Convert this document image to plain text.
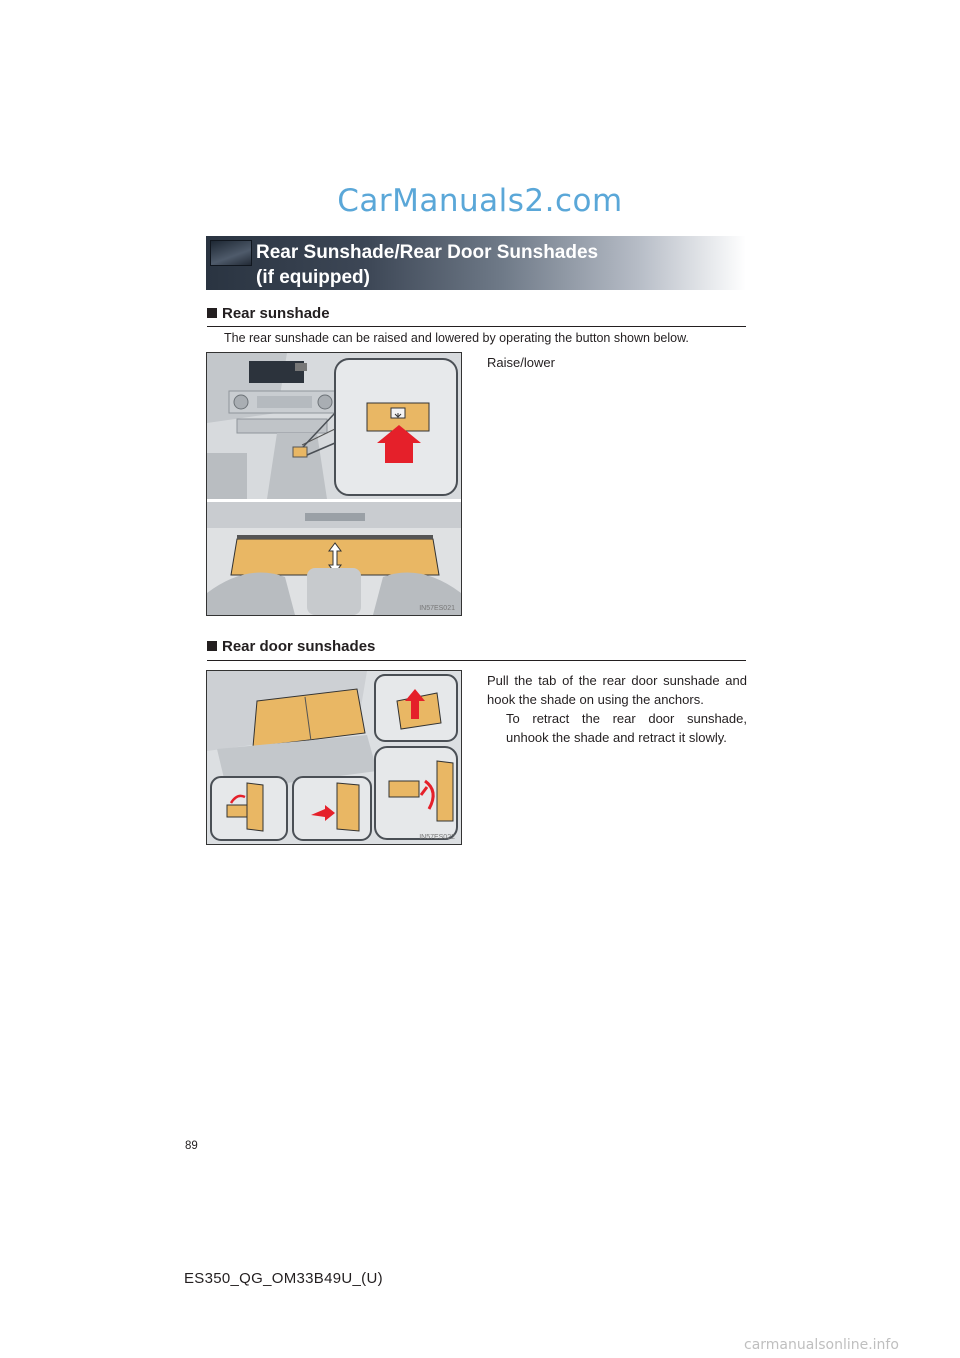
CarManuals2.com
Rear Sunshade/Rear Door Sunshades
(if equipped)
Rear sunshade
The rear sunshade can be raised and lowered by operating the button shown below.
IN57ES021
Raise/lower
Rear door sunshades
IN57ES022
Pull the tab of the rear door sunshade and
hook the shade on using the anchors.
To retract the rear door sunshade,
unhook the shade and retract it slowly.
89
ES350_QG_OM33B49U_(U)
carmanualsonline.info
